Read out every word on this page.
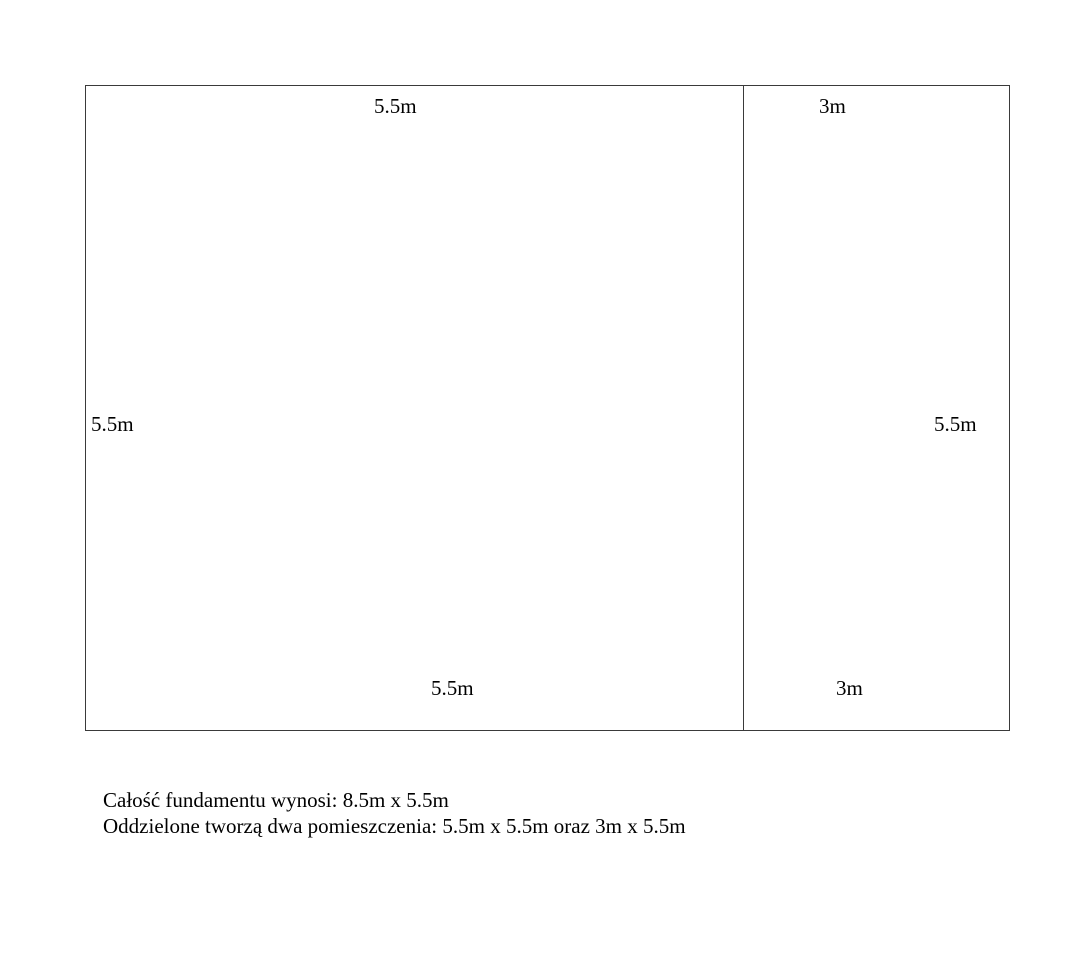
5.5m
5.5m
5.5m
3m
5.5m
3m
Całość fundamentu wynosi: 8.5m x 5.5m
Oddzielone tworzą dwa pomieszczenia: 5.5m x 5.5m oraz 3m x 5.5m
